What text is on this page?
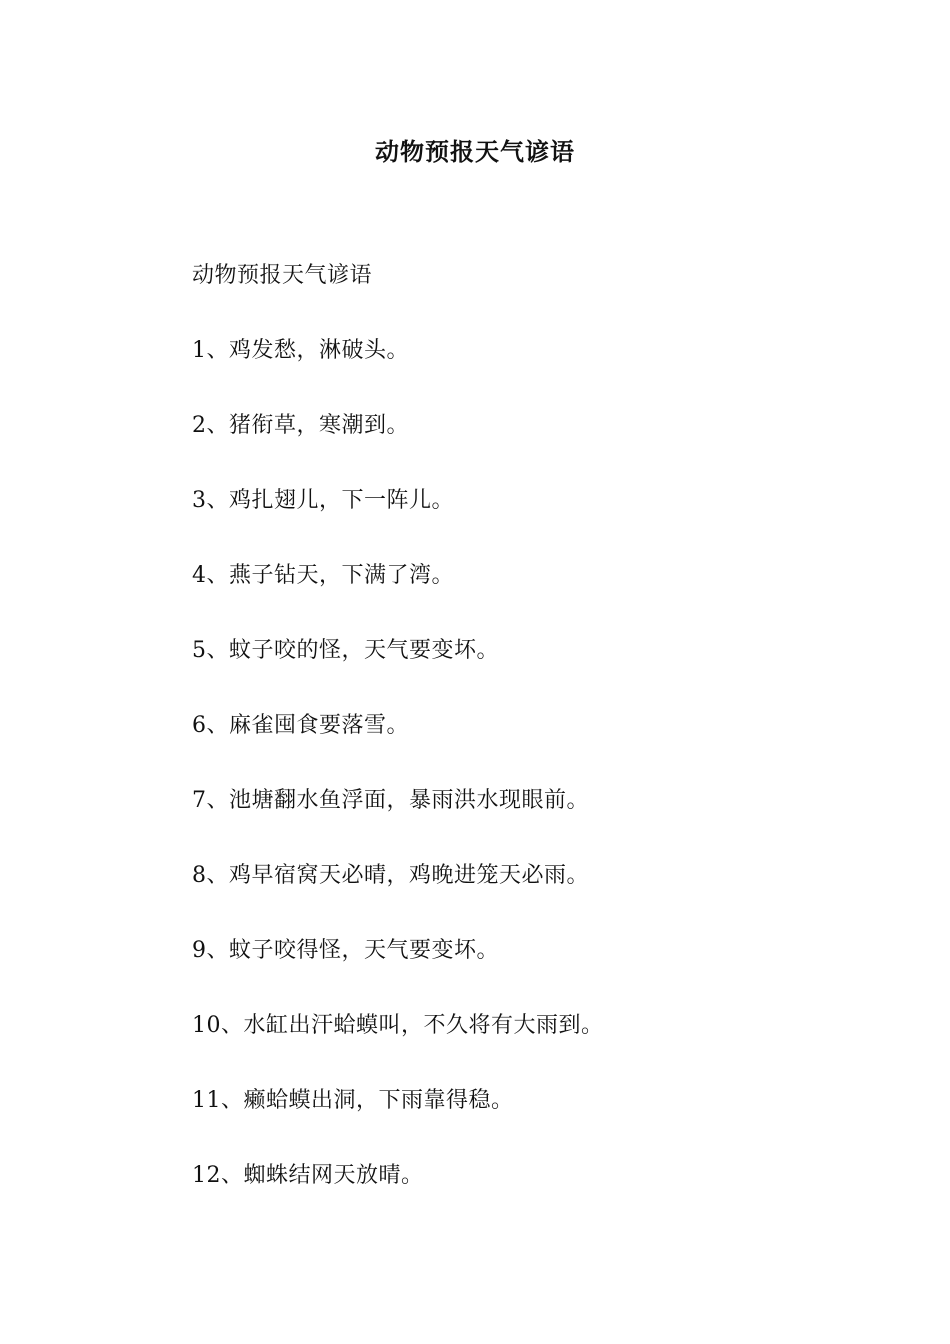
动物预报天气谚语
动物预报天气谚语
1、鸡发愁，淋破头。
2、猪衔草，寒潮到。
3、鸡扎翅儿，下一阵儿。
4、燕子钻天，下满了湾。
5、蚊子咬的怪，天气要变坏。
6、麻雀囤食要落雪。
7、池塘翻水鱼浮面，暴雨洪水现眼前。
8、鸡早宿窝天必晴，鸡晚进笼天必雨。
9、蚊子咬得怪，天气要变坏。
10、水缸出汗蛤蟆叫，不久将有大雨到。
11、癞蛤蟆出洞，下雨靠得稳。
12、蜘蛛结网天放晴。
